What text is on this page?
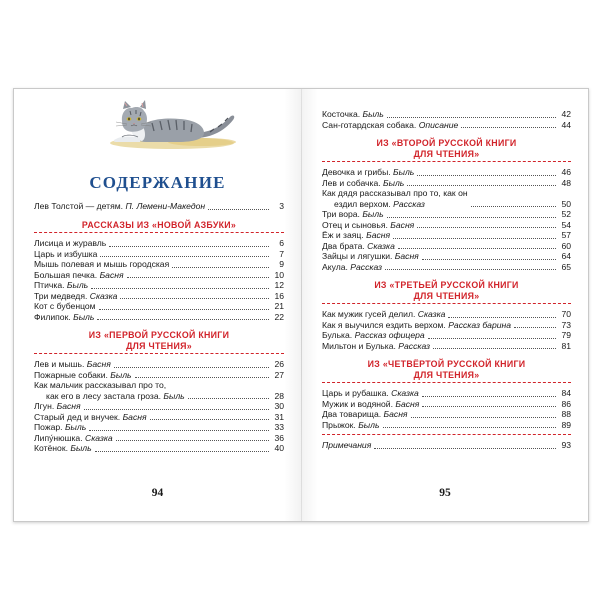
СОДЕРЖАНИЕ
Лев Толстой — детям. П. Лемени-Македон	3
РАССКАЗЫ ИЗ «НОВОЙ АЗБУКИ»
Лисица и журавль	6
Царь и избушка	7
Мышь полевая и мышь городская	9
Большая печка. Басня	10
Птичка. Быль	12
Три медведя. Сказка	16
Кот с бубенцом	21
Филипок. Быль	22
ИЗ «ПЕРВОЙ РУССКОЙ КНИГИ
ДЛЯ ЧТЕНИЯ»
Лев и мышь. Басня	26
Пожарные собаки. Быль	27
Как мальчик рассказывал про то,
как его в лесу застала гроза. Быль	28
Лгун. Басня	30
Старый дед и внучек. Басня	31
Пожар. Быль	33
Липу́нюшка. Сказка	36
Котёнок. Быль	40
94
Косточка. Быль	42
Сан-готардская собака. Описание	44
ИЗ «ВТОРОЙ РУССКОЙ КНИГИ
ДЛЯ ЧТЕНИЯ»
Девочка и грибы. Быль	46
Лев и собачка. Быль	48
Как дядя рассказывал про то, как он
ездил верхом. Рассказ	50
Три вора. Быль	52
Отец и сыновья. Басня	54
Ёж и заяц. Басня	57
Два брата. Сказка	60
Зайцы и лягушки. Басня	64
Акула. Рассказ	65
ИЗ «ТРЕТЬЕЙ РУССКОЙ КНИГИ
ДЛЯ ЧТЕНИЯ»
Как мужик гусей делил. Сказка	70
Как я выучился ездить верхом. Рассказ барина	73
Булька. Рассказ офицера	79
Мильтон и Булька. Рассказ	81
ИЗ «ЧЕТВЁРТОЙ РУССКОЙ КНИГИ
ДЛЯ ЧТЕНИЯ»
Царь и рубашка. Сказка	84
Мужик и водяной. Басня	86
Два товарища. Басня	88
Прыжок. Быль	89
Примечания	93
95
